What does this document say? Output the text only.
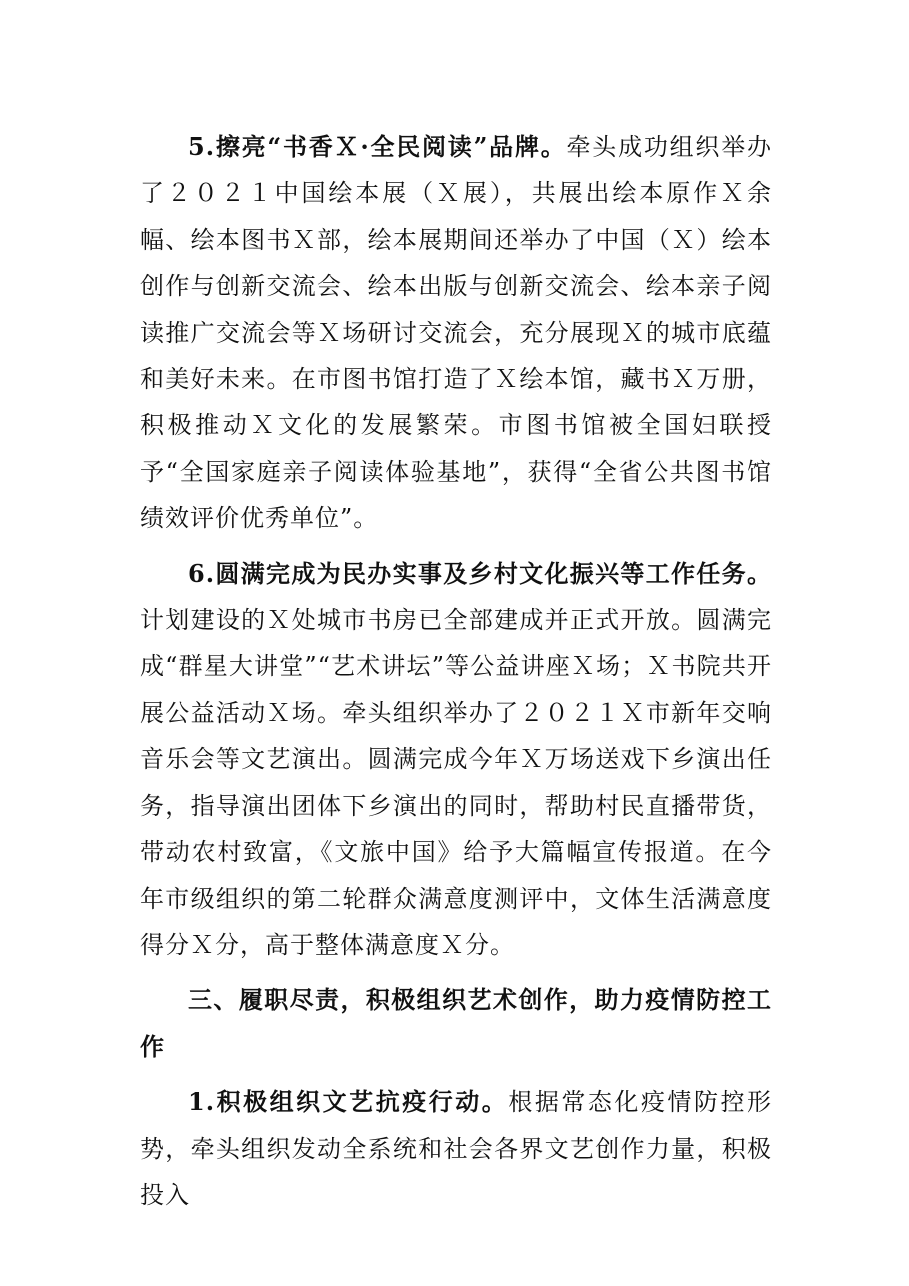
5.擦亮“书香Ｘ·全民阅读”品牌。牵头成功组织举办了２０２１中国绘本展（Ｘ展），共展出绘本原作Ｘ余幅、绘本图书Ｘ部，绘本展期间还举办了中国（Ｘ）绘本创作与创新交流会、绘本出版与创新交流会、绘本亲子阅读推广交流会等Ｘ场研讨交流会，充分展现Ｘ的城市底蕴和美好未来。在市图书馆打造了Ｘ绘本馆，藏书Ｘ万册，积极推动Ｘ文化的发展繁荣。市图书馆被全国妇联授予“全国家庭亲子阅读体验基地”，获得“全省公共图书馆绩效评价优秀单位”。

6.圆满完成为民办实事及乡村文化振兴等工作任务。计划建设的Ｘ处城市书房已全部建成并正式开放。圆满完成“群星大讲堂”“艺术讲坛”等公益讲座Ｘ场；Ｘ书院共开展公益活动Ｘ场。牵头组织举办了２０２１Ｘ市新年交响音乐会等文艺演出。圆满完成今年Ｘ万场送戏下乡演出任务，指导演出团体下乡演出的同时，帮助村民直播带货，带动农村致富，《文旅中国》给予大篇幅宣传报道。在今年市级组织的第二轮群众满意度测评中，文体生活满意度得分Ｘ分，高于整体满意度Ｘ分。

三、履职尽责，积极组织艺术创作，助力疫情防控工作

1.积极组织文艺抗疫行动。根据常态化疫情防控形势，牵头组织发动全系统和社会各界文艺创作力量，积极投入
